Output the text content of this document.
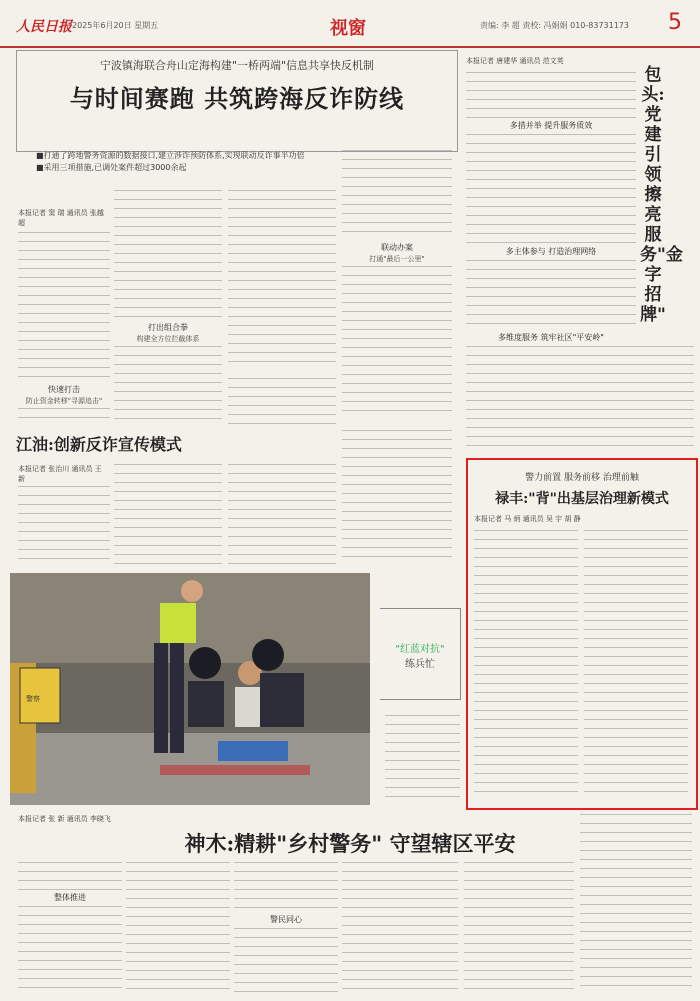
人民日报 2025年6月20日 星期五	视窗	责编: 李 超 责校: 冯娟娟 010-83731173 5
宁波镇海联合舟山定海构建"一桥两端"信息共享快反机制
与时间赛跑 共筑跨海反诈防线
■打通了跨地警务资源的数据接口,建立涉诈预防体系,实现联动反诈事半功倍
■采用三项措施,已调处案件超过3000余起
本报记者 窦 瑞 通讯员 张越超
快速打击
防止资金转移"寻源追击"
打出组合拳
构建全方位拦截体系
联动办案
打通"最后一公里"
江油:创新反诈宣传模式
本报记者 张治川 通讯员 王 新
警察
"红蓝对抗"
练兵忙
神木:精耕"乡村警务" 守望辖区平安
本报记者 张 新 通讯员 李晓飞
整体推进
警民同心
本报记者 唐建华 通讯员 范文英
多措并举 提升服务质效
多主体参与 打造治理网络
多维度服务 筑牢社区"平安岭"
包头:党建引领 擦亮服务"金字招牌"
警力前置 服务前移 治理前触
禄丰:"背"出基层治理新模式
本报记者 马 炳 通讯员 吴 宇 胡 静
